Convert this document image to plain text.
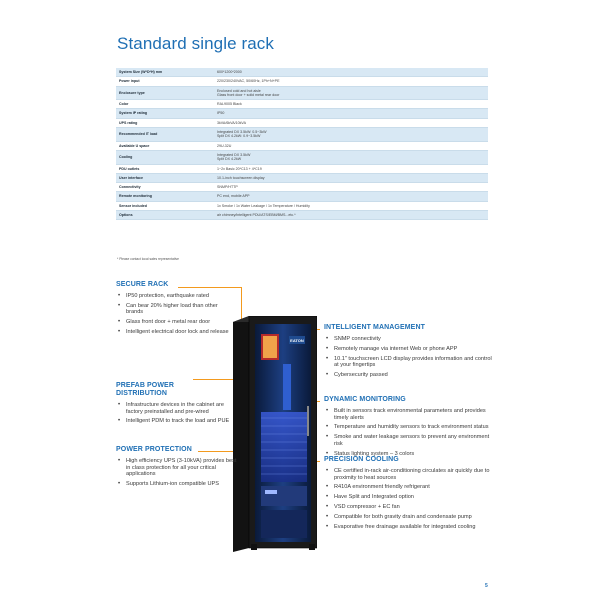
Standard single rack
System Size (W*D*H) mm	600*1200*2000
Power input	220/230/240VAC, 50/60Hz, 1Ph+N+PE
Enclosure type	Enclosed cold and hot aisle
Glass front door + solid metal rear door
Color	RAL9005 Black
System IP rating	IP50
UPS rating	3kVA/6kVA/10kVA
Recommended IT load	Integrated DX 3.5kW: 0.5~3kW
Split DX 4.2kW: 0.9~3.5kW
Available U space	29U-32U
Cooling	Integrated DX 3.5kW
Split DX 4.2kW
PDU outlets	1~2x Basic 20*C13 + 4*C19
User interface	10.1-inch touchscreen display
Connectivity	SNMP/HTTP
Remote monitoring	PC end, mobile APP
Sensor included	1x Smoke / 1x Water Leakage / 1x Temperature / Humidity
Options	air chimney/intelligent PDU/ATS/EBM/BMS...etc.*
* Please contact local sales representative
EATON
SECURE RACK
• IP50 protection, earthquake rated
• Can bear 20% higher load than other brands
• Glass front door + metal rear door
• Intelligent electrical door lock and release
PREFAB POWER
DISTRIBUTION
• Infrastructure devices in the cabinet are factory preinstalled and pre-wired
• Intelligent PDM to track the load and PUE
POWER PROTECTION
• High efficiency UPS (3-10kVA) provides best in class protection for all your critical applications
• Supports Lithium-ion compatible UPS
INTELLIGENT MANAGEMENT
• SNMP connectivity
• Remotely manage via internet Web or phone APP
• 10.1" touchscreen LCD display provides information and control at your fingertips
• Cybersecurity passed
DYNAMIC MONITORING
• Built in sensors track environmental parameters and provides timely alerts
• Temperature and humidity sensors to track environment status
• Smoke and water leakage sensors to prevent any environment risk
• Status lighting system – 3 colors
PRECISION COOLING
• CE certified in-rack air-conditioning circulates air quickly due to proximity to heat sources
• R410A environment friendly refrigerant
• Have Split and Integrated option
• VSD compressor + EC fan
• Compatible for both gravity drain and condensate pump
• Evaporative free drainage available for integrated cooling
5
